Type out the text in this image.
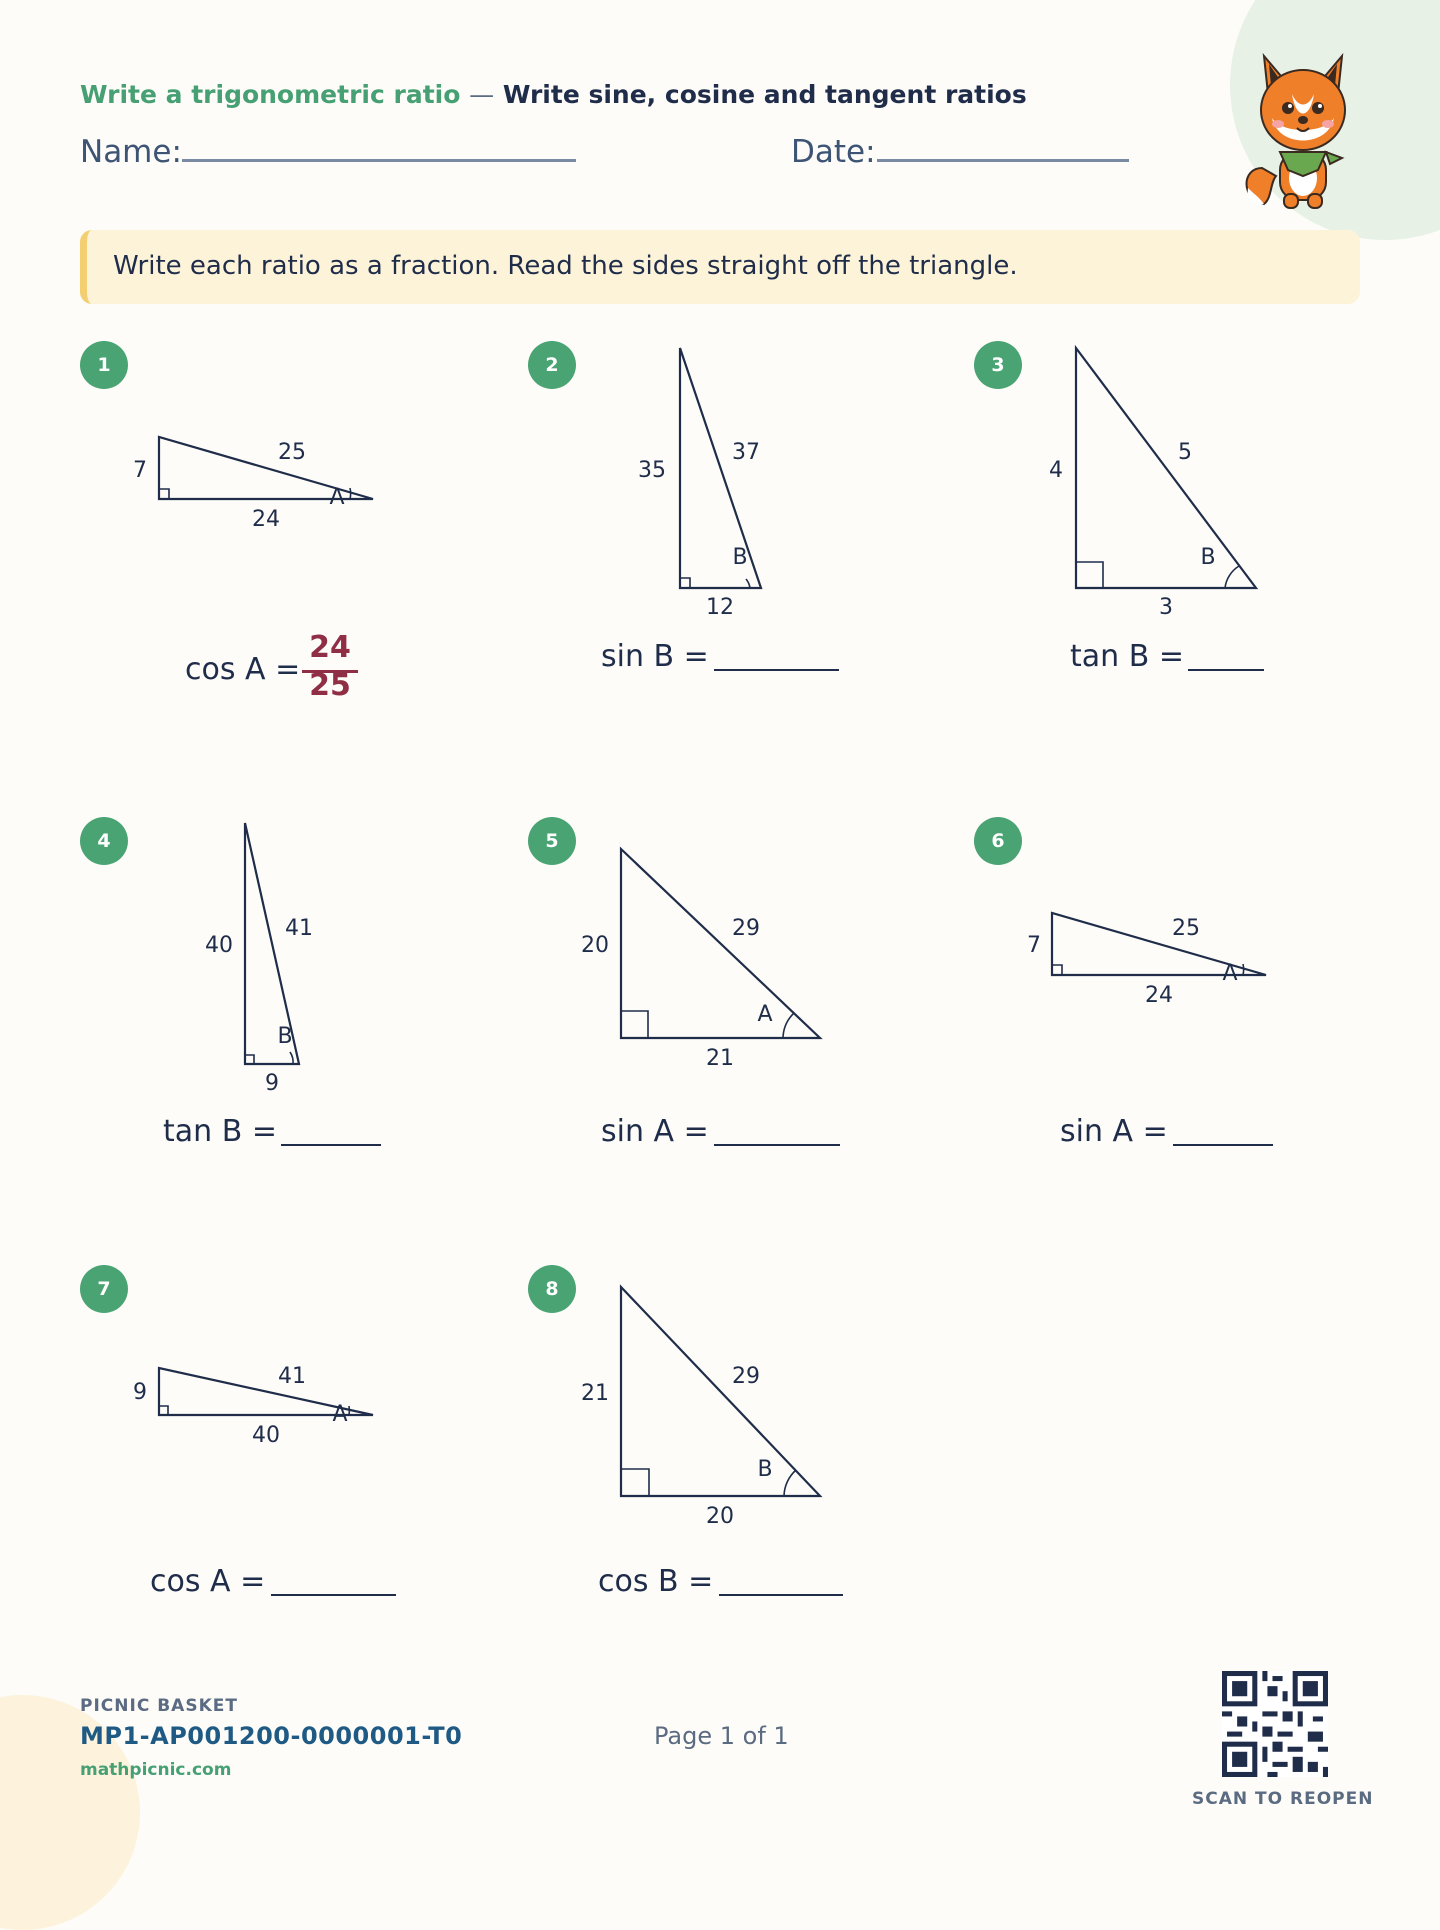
Write a trigonometric ratio — Write sine, cosine and tangent ratios
Name:	Date:
Write each ratio as a fraction. Read the sides straight off the triangle.
1	2	3
4	5	6
7	8
7
25
24
A
35
37
12
B
4
5
3
B
40
41
9
B
20
29
21
A
7
25
24
A
9
41
40
A
21
29
20
B
cos A =
24
25
sin B =	tan B =
tan B =	sin A =	sin A =
cos A =	cos B =
PICNIC BASKET
MP1-AP001200-0000001-T0
mathpicnic.com
Page 1 of 1
SCAN TO REOPEN
